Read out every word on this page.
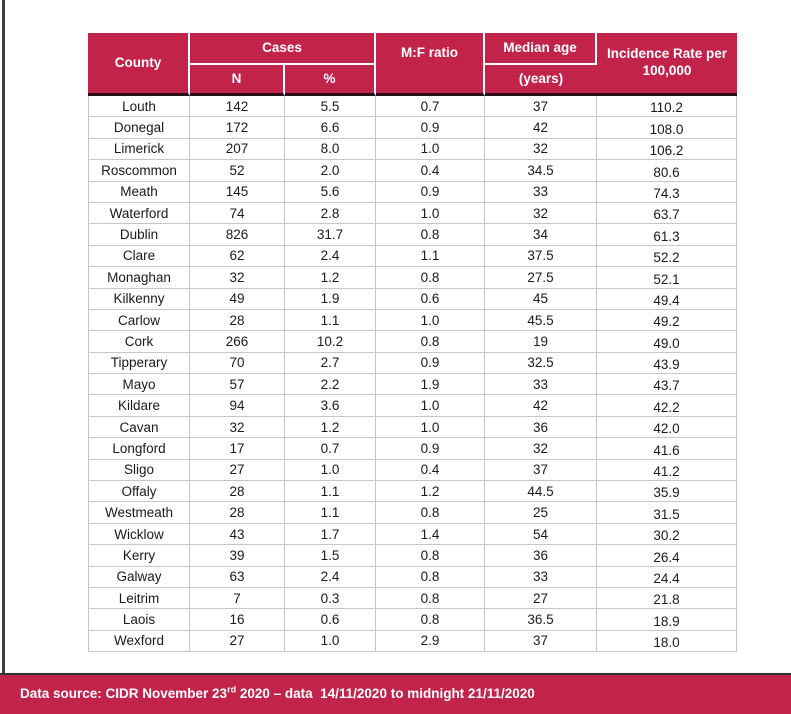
County	Cases		M:F ratio	Median age	Incidence Rate per 100,000
	N	%		(years)	
Louth	142	5.5	0.7	37	110.2
Donegal	172	6.6	0.9	42	108.0
Limerick	207	8.0	1.0	32	106.2
Roscommon	52	2.0	0.4	34.5	80.6
Meath	145	5.6	0.9	33	74.3
Waterford	74	2.8	1.0	32	63.7
Dublin	826	31.7	0.8	34	61.3
Clare	62	2.4	1.1	37.5	52.2
Monaghan	32	1.2	0.8	27.5	52.1
Kilkenny	49	1.9	0.6	45	49.4
Carlow	28	1.1	1.0	45.5	49.2
Cork	266	10.2	0.8	19	49.0
Tipperary	70	2.7	0.9	32.5	43.9
Mayo	57	2.2	1.9	33	43.7
Kildare	94	3.6	1.0	42	42.2
Cavan	32	1.2	1.0	36	42.0
Longford	17	0.7	0.9	32	41.6
Sligo	27	1.0	0.4	37	41.2
Offaly	28	1.1	1.2	44.5	35.9
Westmeath	28	1.1	0.8	25	31.5
Wicklow	43	1.7	1.4	54	30.2
Kerry	39	1.5	0.8	36	26.4
Galway	63	2.4	0.8	33	24.4
Leitrim	7	0.3	0.8	27	21.8
Laois	16	0.6	0.8	36.5	18.9
Wexford	27	1.0	2.9	37	18.0
Data source: CIDR November 23rd 2020 – data  14/11/2020 to midnight 21/11/2020
